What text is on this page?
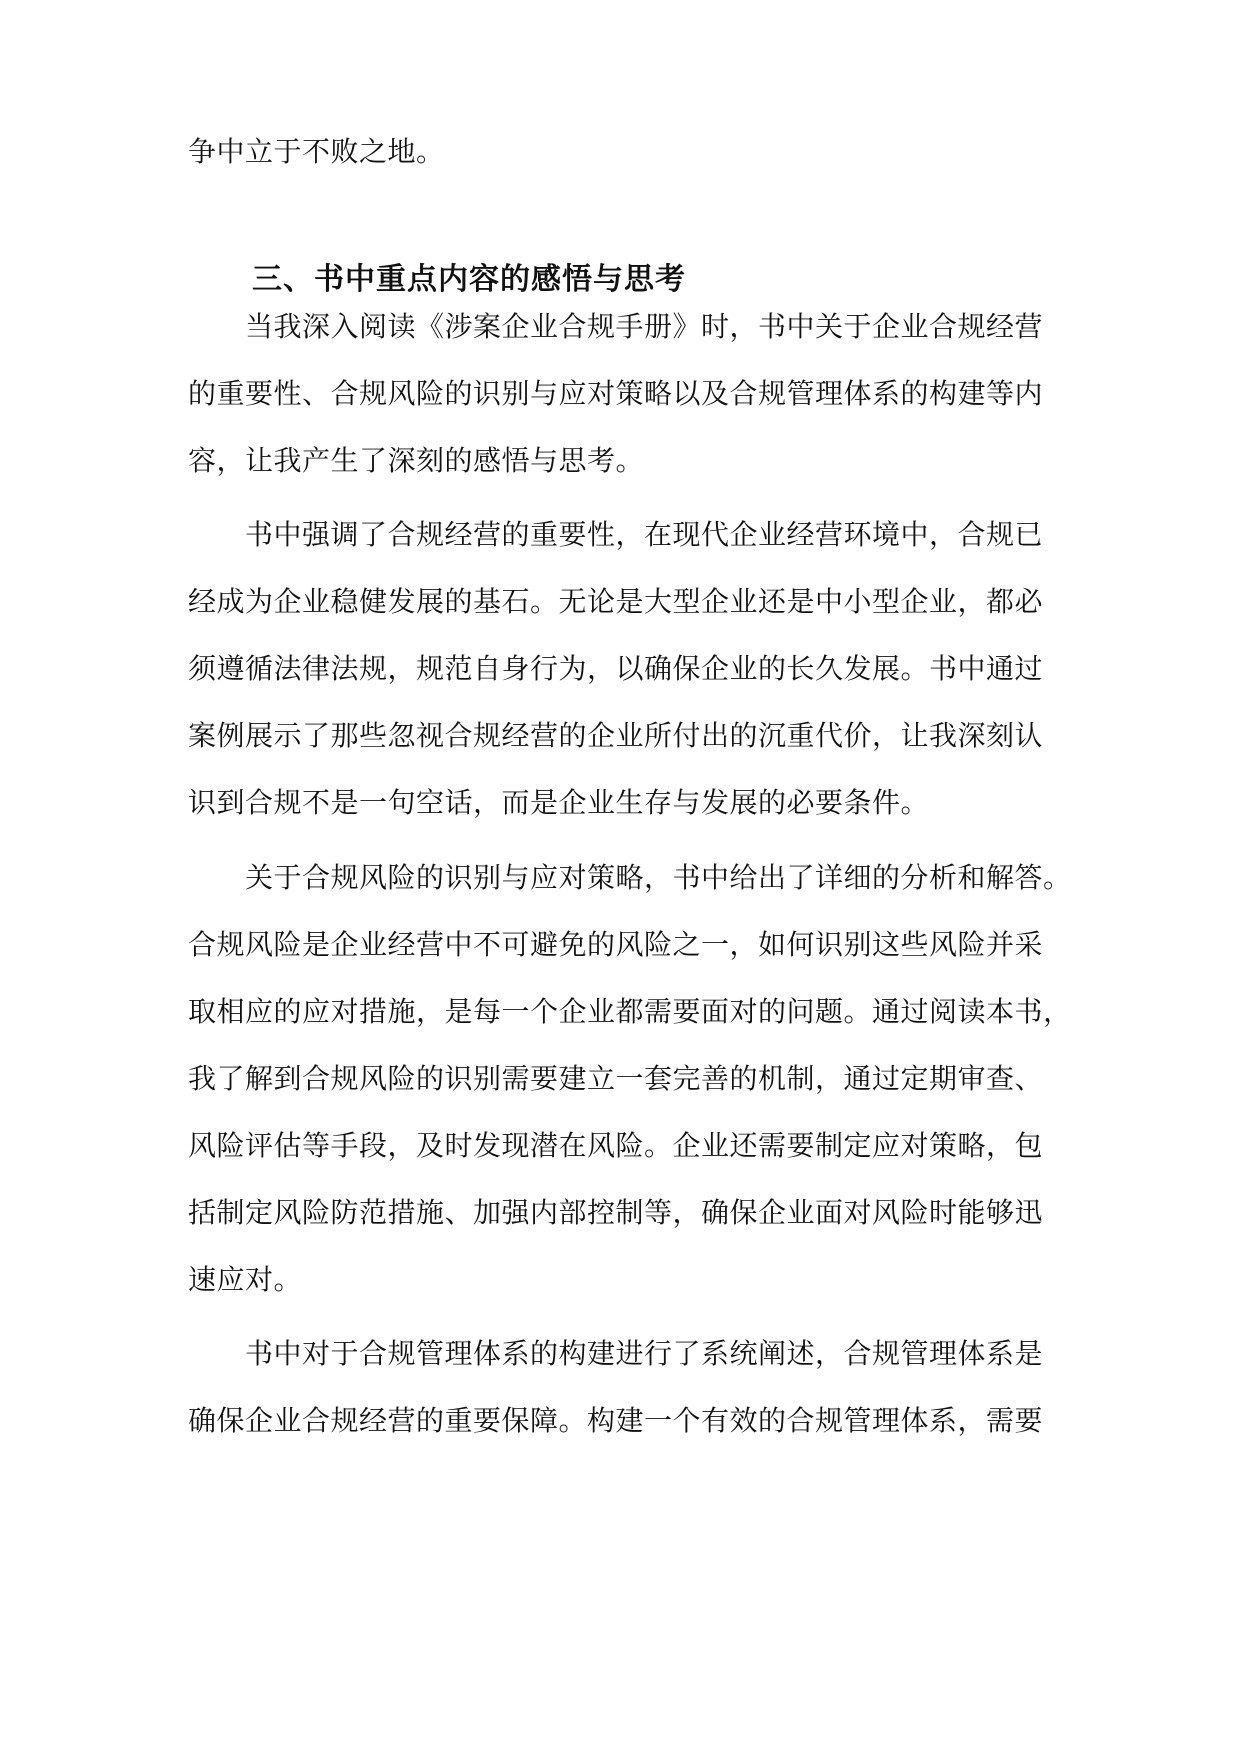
争中立于不败之地。
三、书中重点内容的感悟与思考
当我深入阅读《涉案企业合规手册》时，书中关于企业合规经营
的重要性、合规风险的识别与应对策略以及合规管理体系的构建等内
容，让我产生了深刻的感悟与思考。
书中强调了合规经营的重要性，在现代企业经营环境中，合规已
经成为企业稳健发展的基石。无论是大型企业还是中小型企业，都必
须遵循法律法规，规范自身行为，以确保企业的长久发展。书中通过
案例展示了那些忽视合规经营的企业所付出的沉重代价，让我深刻认
识到合规不是一句空话，而是企业生存与发展的必要条件。
关于合规风险的识别与应对策略，书中给出了详细的分析和解答。
合规风险是企业经营中不可避免的风险之一，如何识别这些风险并采
取相应的应对措施，是每一个企业都需要面对的问题。通过阅读本书，
我了解到合规风险的识别需要建立一套完善的机制，通过定期审查、
风险评估等手段，及时发现潜在风险。企业还需要制定应对策略，包
括制定风险防范措施、加强内部控制等，确保企业面对风险时能够迅
速应对。
书中对于合规管理体系的构建进行了系统阐述，合规管理体系是
确保企业合规经营的重要保障。构建一个有效的合规管理体系，需要
